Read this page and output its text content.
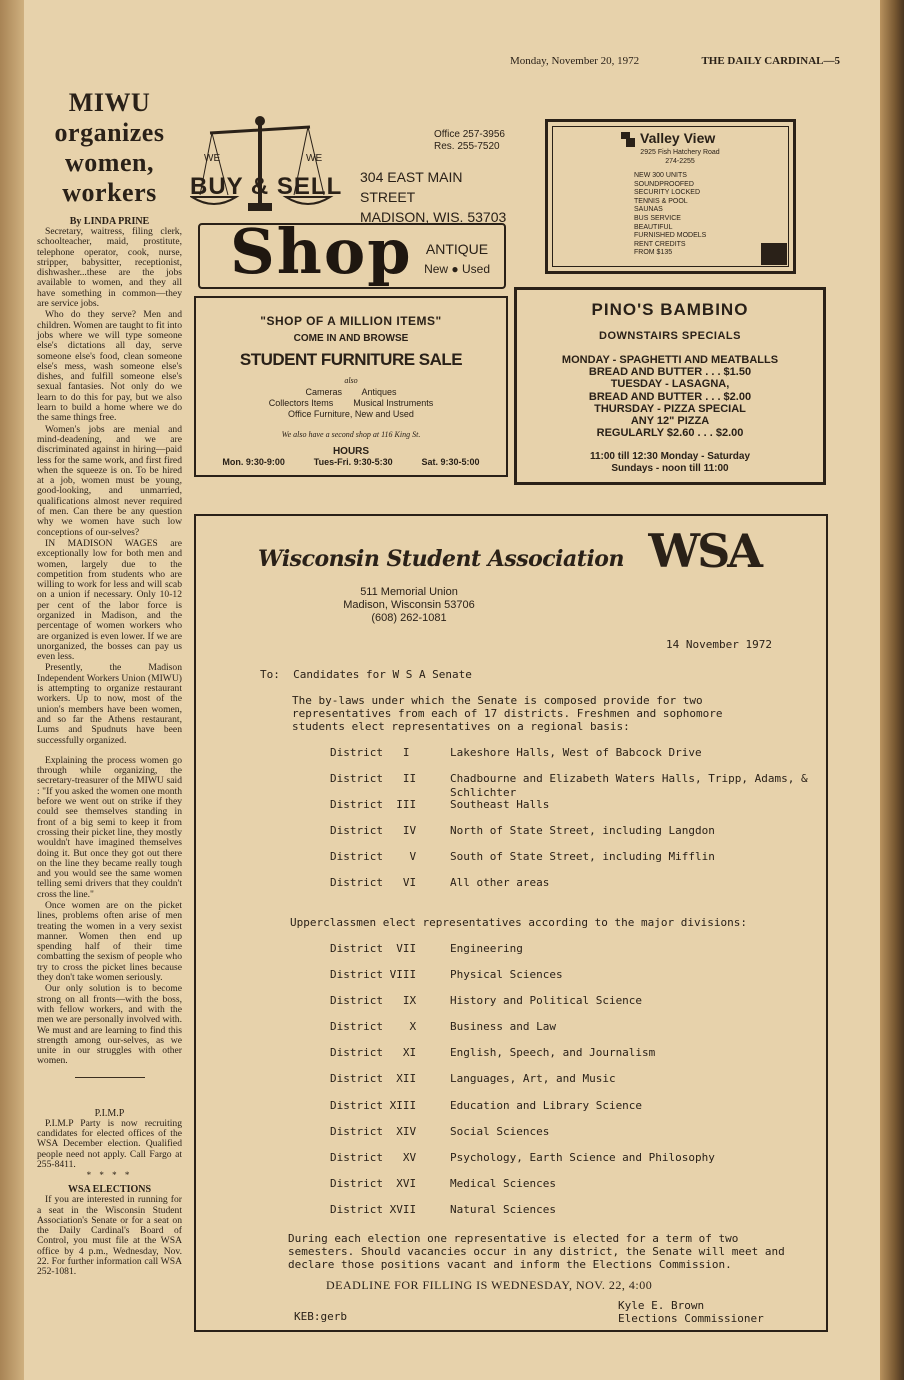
Monday, November 20, 1972	THE DAILY CARDINAL—5
MIWU
organizes
women,
workers
By LINDA PRINE

Secretary, waitress, filing clerk, schoolteacher, maid, prostitute, telephone operator, cook, nurse, stripper, babysitter, receptionist, dishwasher...these are the jobs available to women, and they all have something in common—they are service jobs.

Who do they serve? Men and children. Women are taught to fit into jobs where we will type someone else's dictations all day, serve someone else's food, clean someone else's mess, wash someone else's dishes, and fulfill someone else's sexual fantasies. Not only do we learn to do this for pay, but we also learn to build a home where we do the same things free.

Women's jobs are menial and mind-deadening, and we are discriminated against in hiring—paid less for the same work, and first fired when the squeeze is on. To be hired at a job, women must be young, good-looking, and unmarried, qualifications almost never required of men. Can there be any question why we women have such low conceptions of our-selves?

IN MADISON WAGES are exceptionally low for both men and women, largely due to the competition from students who are willing to work for less and will scab on a union if necessary. Only 10-12 per cent of the labor force is organized in Madison, and the percentage of women workers who are organized is even lower. If we are unorganized, the bosses can pay us even less.

Presently, the Madison Independent Workers Union (MIWU) is attempting to organize restaurant workers. Up to now, most of the union's members have been women, and so far the Athens restaurant, Lums and Spudnuts have been successfully organized.

Explaining the process women go through while organizing, the secretary-treasurer of the MIWU said : "If you asked the women one month before we went out on strike if they could see themselves standing in front of a big semi to keep it from crossing their picket line, they mostly wouldn't have imagined themselves doing it. But once they got out there on the line they became really tough and you would see the same women telling semi drivers that they couldn't cross the line."

Once women are on the picket lines, problems often arise of men treating the women in a very sexist manner. Women then end up spending half of their time combatting the sexism of people who try to cross the picket lines because they don't take women seriously.

Our only solution is to become strong on all fronts—with the boss, with fellow workers, and with the men we are personally involved with. We must and are learning to find this strength among our-selves, as we unite in our struggles with other women.

P.I.M.P

P.I.M.P Party is now recruiting candidates for elected offices of the WSA December election. Qualified people need not apply. Call Fargo at 255-8411.

* * * *
WSA ELECTIONS

If you are interested in running for a seat in the Wisconsin Student Association's Senate or for a seat on the Daily Cardinal's Board of Control, you must file at the WSA office by 4 p.m., Wednesday, Nov. 22. For further information call WSA 252-1081.

WE	WE
BUY & SELL
Office 257-3956
Res. 255-7520
304 EAST MAIN STREET
MADISON, WIS. 53703
Shop ANTIQUE
New ● Used
"SHOP OF A MILLION ITEMS"
COME IN AND BROWSE
STUDENT FURNITURE SALE
also
Cameras        Antiques
Collectors Items        Musical Instruments
Office Furniture, New and Used
We also have a second shop at 116 King St.
HOURS
Mon. 9:30-9:00	Tues-Fri. 9:30-5:30	Sat. 9:30-5:00
Valley View
2925 Fish Hatchery Road
274-2255
NEW 300 UNITS
SOUNDPROOFED
SECURITY LOCKED
TENNIS & POOL
SAUNAS
BUS SERVICE
BEAUTIFUL
FURNISHED MODELS
RENT CREDITS
FROM $135
PINO'S BAMBINO
DOWNSTAIRS SPECIALS
MONDAY - SPAGHETTI AND MEATBALLS
BREAD AND BUTTER . . . $1.50
TUESDAY - LASAGNA,
BREAD AND BUTTER . . . $2.00
THURSDAY - PIZZA SPECIAL
ANY 12" PIZZA
REGULARLY $2.60 . . . $2.00
11:00 till 12:30 Monday - Saturday
Sundays - noon till 11:00
Wisconsin Student Association WSA
511 Memorial Union
Madison, Wisconsin 53706
(608) 262-1081
14 November 1972
To:  Candidates for W S A Senate
The by-laws under which the Senate is composed provide for two representatives from each of 17 districts. Freshmen and sophomore students elect representatives on a regional basis:
District   I	Lakeshore Halls, West of Babcock Drive
District   II	Chadbourne and Elizabeth Waters Halls, Tripp, Adams, & Schlichter
District  III	Southeast Halls
District   IV	North of State Street, including Langdon
District    V	South of State Street, including Mifflin
District   VI	All other areas
Upperclassmen elect representatives according to the major divisions:
District  VII	Engineering
District VIII	Physical Sciences
District   IX	History and Political Science
District    X	Business and Law
District   XI	English, Speech, and Journalism
District  XII	Languages, Art, and Music
District XIII	Education and Library Science
District  XIV	Social Sciences
District   XV	Psychology, Earth Science and Philosophy
District  XVI	Medical Sciences
District XVII	Natural Sciences
During each election one representative is elected for a term of two semesters. Should vacancies occur in any district, the Senate will meet and declare those positions vacant and inform the Elections Commission.
DEADLINE FOR FILLING IS WEDNESDAY, NOV. 22, 4:00
KEB:gerb
Kyle E. Brown
Elections Commissioner
